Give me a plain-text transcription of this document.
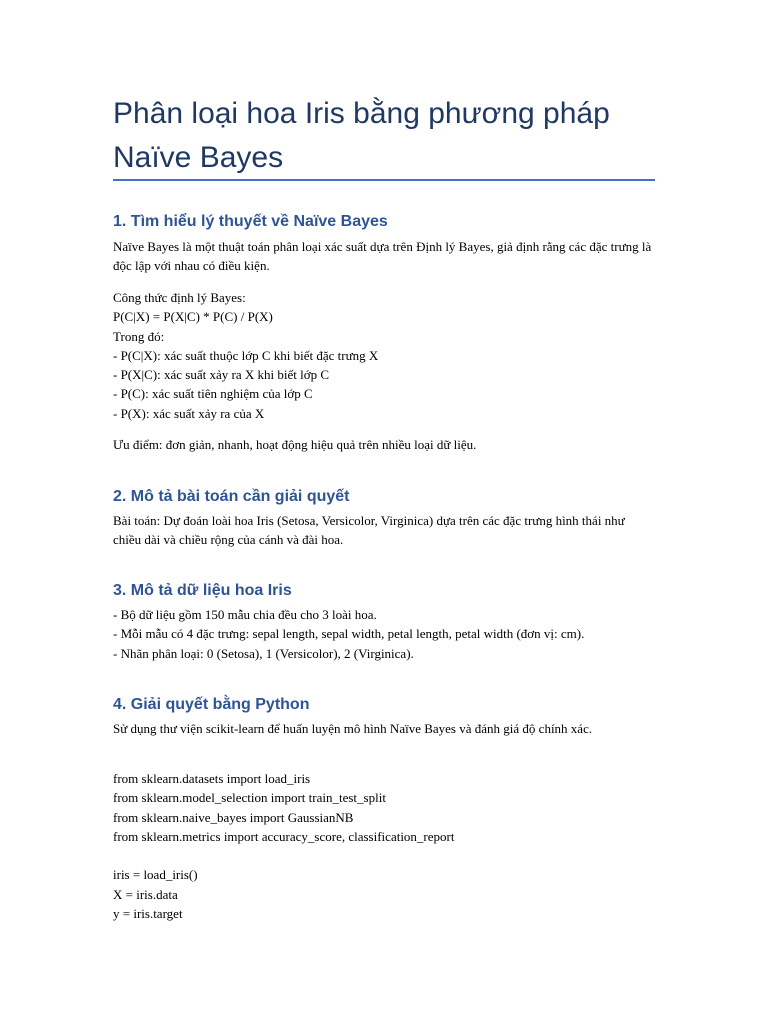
Phân loại hoa Iris bằng phương pháp Naïve Bayes
1. Tìm hiểu lý thuyết về Naïve Bayes

Naïve Bayes là một thuật toán phân loại xác suất dựa trên Định lý Bayes, giả định rằng các đặc trưng là độc lập với nhau có điều kiện.

Công thức định lý Bayes:
P(C|X) = P(X|C) * P(C) / P(X)
Trong đó:
- P(C|X): xác suất thuộc lớp C khi biết đặc trưng X
- P(X|C): xác suất xảy ra X khi biết lớp C
- P(C): xác suất tiên nghiệm của lớp C
- P(X): xác suất xảy ra của X

Ưu điểm: đơn giản, nhanh, hoạt động hiệu quả trên nhiều loại dữ liệu.

2. Mô tả bài toán cần giải quyết

Bài toán: Dự đoán loài hoa Iris (Setosa, Versicolor, Virginica) dựa trên các đặc trưng hình thái như chiều dài và chiều rộng của cánh và đài hoa.

3. Mô tả dữ liệu hoa Iris
- Bộ dữ liệu gồm 150 mẫu chia đều cho 3 loài hoa.
- Mỗi mẫu có 4 đặc trưng: sepal length, sepal width, petal length, petal width (đơn vị: cm).
- Nhãn phân loại: 0 (Setosa), 1 (Versicolor), 2 (Virginica).
4. Giải quyết bằng Python

Sử dụng thư viện scikit-learn để huấn luyện mô hình Naïve Bayes và đánh giá độ chính xác.

from sklearn.datasets import load_iris
from sklearn.model_selection import train_test_split
from sklearn.naive_bayes import GaussianNB
from sklearn.metrics import accuracy_score, classification_report
iris = load_iris()
X = iris.data
y = iris.target
